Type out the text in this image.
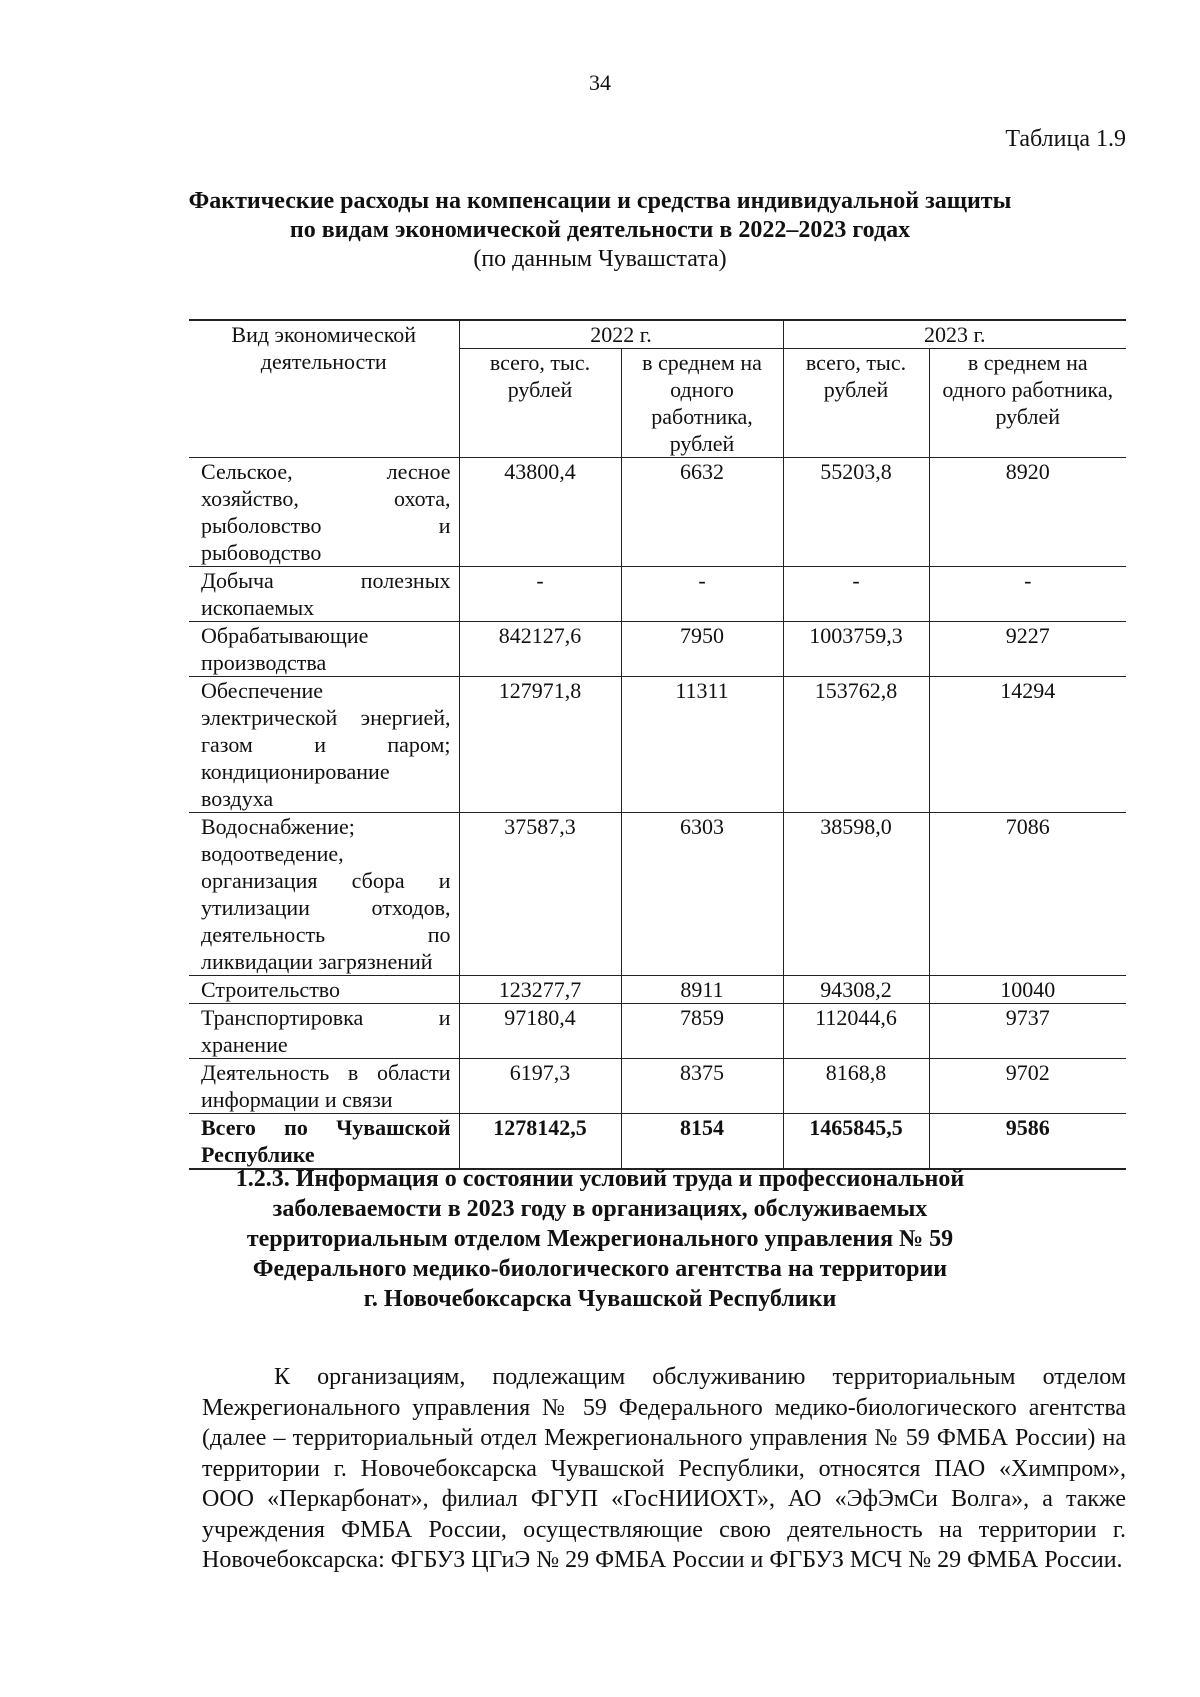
34
Таблица 1.9
Фактические расходы на компенсации и средства индивидуальной защиты
по видам экономической деятельности в 2022–2023 годах
(по данным Чувашстата)
Вид экономической деятельности	2022 г.		2023 г.	
	всего, тыс. рублей	в среднем на одного работника, рублей	всего, тыс. рублей	в среднем на одного работника, рублей
Сельское, лесное хозяйство, охота, рыболовство и рыбоводство	43800,4	6632	55203,8	8920
Добыча полезных ископаемых	-	-	-	-
Обрабатывающие производства	842127,6	7950	1003759,3	9227
Обеспечение электрической энергией, газом и паром; кондиционирование воздуха	127971,8	11311	153762,8	14294
Водоснабжение; водоотведение, организация сбора и утилизации отходов, деятельность по ликвидации загрязнений	37587,3	6303	38598,0	7086
Строительство	123277,7	8911	94308,2	10040
Транспортировка и хранение	97180,4	7859	112044,6	9737
Деятельность в области информации и связи	6197,3	8375	8168,8	9702
Всего по Чувашской Республике	1278142,5	8154	1465845,5	9586
1.2.3. Информация о состоянии условий труда и профессиональной
заболеваемости в 2023 году в организациях, обслуживаемых
территориальным отделом Межрегионального управления № 59
Федерального медико-биологического агентства на территории
г. Новочебоксарска Чувашской Республики

К организациям, подлежащим обслуживанию территориальным отделом Межрегионального управления № 59 Федерального медико-биологического агентства (далее – территориальный отдел Межрегионального управления № 59 ФМБА России) на территории г. Новочебоксарска Чувашской Республики, относятся ПАО «Химпром», ООО «Перкарбонат», филиал ФГУП «ГосНИИОХТ», АО «ЭфЭмСи Волга», а также учреждения ФМБА России, осуществляющие свою деятельность на территории г. Новочебоксарска: ФГБУЗ ЦГиЭ № 29 ФМБА России и ФГБУЗ МСЧ № 29 ФМБА России.
